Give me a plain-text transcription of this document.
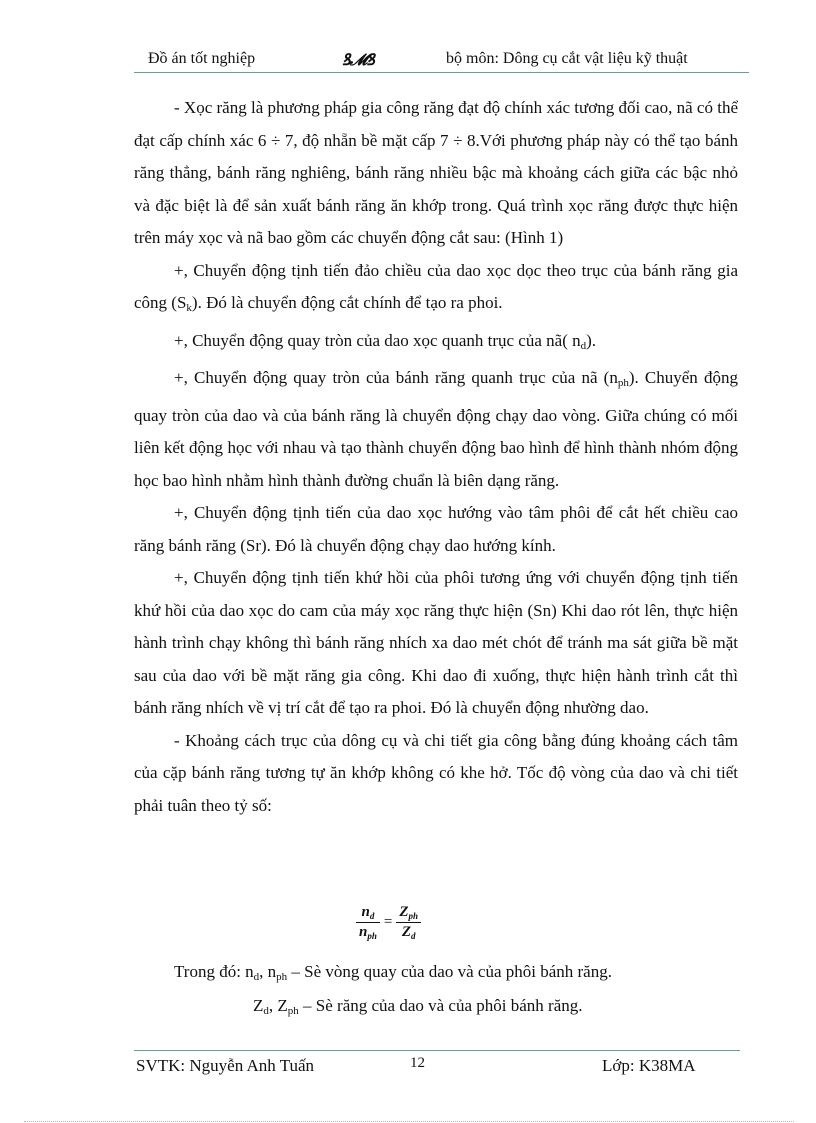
Đồ án tốt nghiệp	ꝸ𝓜ꝸ	bộ môn: Dông cụ cắt vật liệu kỹ thuật

- Xọc răng là phương pháp gia công răng đạt độ chính xác tương đối cao, nã có thể đạt cấp chính xác 6 ÷ 7, độ nhẵn bề mặt cấp 7 ÷ 8.Với phương pháp này có thể tạo bánh răng thẳng, bánh răng nghiêng, bánh răng nhiều bậc mà khoảng cách giữa các bậc nhỏ và đặc biệt là để sản xuất bánh răng ăn khớp trong. Quá trình xọc răng được thực hiện trên máy xọc và nã bao gồm các chuyển động cắt sau: (Hình 1)

+, Chuyển động tịnh tiến đảo chiều của dao xọc dọc theo trục của bánh răng gia công $(S_k)$. Đó là chuyển động cắt chính để tạo ra phoi.

+, Chuyển động quay tròn của dao xọc quanh trục của nã( $n_d$).

+, Chuyển động quay tròn của bánh răng quanh trục của nã $(n_{ph})$. Chuyển động quay tròn của dao và của bánh răng là chuyển động chạy dao vòng. Giữa chúng có mối liên kết động học với nhau và tạo thành chuyển động bao hình để hình thành nhóm động học bao hình nhằm hình thành đường chuẩn là biên dạng răng.

+, Chuyển động tịnh tiến của dao xọc hướng vào tâm phôi để cắt hết chiều cao răng bánh răng (Sr). Đó là chuyển động chạy dao hướng kính.

+, Chuyển động tịnh tiến khứ hồi của phôi tương ứng với chuyển động tịnh tiến khứ hồi của dao xọc do cam của máy xọc răng thực hiện (Sn) Khi dao rót lên, thực hiện hành trình chạy không thì bánh răng nhích xa dao mét chót để tránh ma sát giữa bề mặt sau của dao với bề mặt răng gia công. Khi dao đi xuống, thực hiện hành trình cắt thì bánh răng nhích về vị trí cắt để tạo ra phoi. Đó là chuyển động nhường dao.

- Khoảng cách trục của dông cụ và chi tiết gia công bằng đúng khoảng cách tâm của cặp bánh răng tương tự ăn khớp không có khe hở. Tốc độ vòng của dao và chi tiết phải tuân theo tỷ số:

$\frac{n_d}{n_{ph}} = \frac{Z_{ph}}{Z_d}$
Trong đó: $n_d$, $n_{ph}$ – Sè vòng quay của dao và của phôi bánh răng.
$Z_d$, $Z_{ph}$ – Sè răng của dao và của phôi bánh răng.
SVTK: Nguyễn Anh Tuấn	12	Lớp: K38MA
